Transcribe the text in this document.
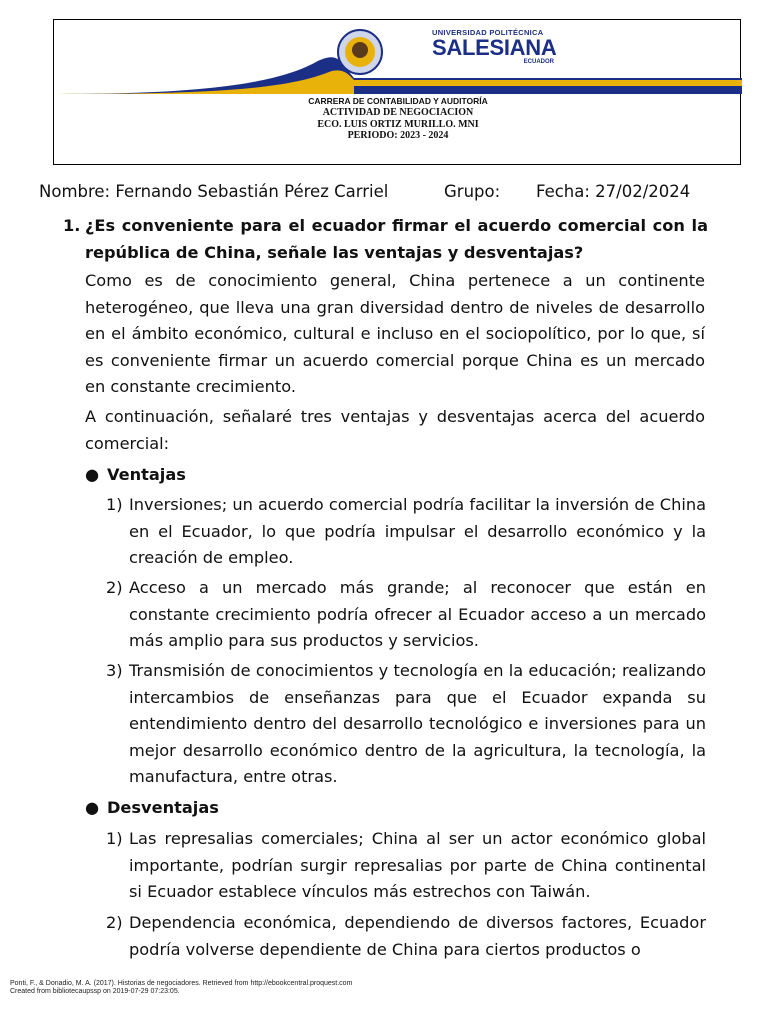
UNIVERSIDAD POLITÉCNICA
SALESIANA
ECUADOR
CARRERA DE CONTABILIDAD Y AUDITORÍA
ACTIVIDAD DE NEGOCIACION
ECO. LUIS ORTIZ MURILLO. MNI
PERIODO: 2023 - 2024
Nombre: Fernando Sebastián Pérez Carriel	Grupo: Fecha: 27/02/2024
1. ¿Es conveniente para el ecuador firmar el acuerdo comercial con la república de China, señale las ventajas y desventajas?
Como es de conocimiento general, China pertenece a un continente heterogéneo, que lleva una gran diversidad dentro de niveles de desarrollo en el ámbito económico, cultural e incluso en el sociopolítico, por lo que, sí es conveniente firmar un acuerdo comercial porque China es un mercado en constante crecimiento.
A continuación, señalaré tres ventajas y desventajas acerca del acuerdo comercial:
● Ventajas
1) Inversiones; un acuerdo comercial podría facilitar la inversión de China en el Ecuador, lo que podría impulsar el desarrollo económico y la creación de empleo.
2) Acceso a un mercado más grande; al reconocer que están en constante crecimiento podría ofrecer al Ecuador acceso a un mercado más amplio para sus productos y servicios.
3) Transmisión de conocimientos y tecnología en la educación; realizando intercambios de enseñanzas para que el Ecuador expanda su entendimiento dentro del desarrollo tecnológico e inversiones para un mejor desarrollo económico dentro de la agricultura, la tecnología, la manufactura, entre otras.
● Desventajas
1) Las represalias comerciales; China al ser un actor económico global importante, podrían surgir represalias por parte de China continental si Ecuador establece vínculos más estrechos con Taiwán.
2) Dependencia económica, dependiendo de diversos factores, Ecuador podría volverse dependiente de China para ciertos productos o
Ponti, F., & Donadio, M. A. (2017). Historias de negociadores. Retrieved from http://ebookcentral.proquest.com
Created from bibliotecaupssp on 2019-07-29 07:23:05.
